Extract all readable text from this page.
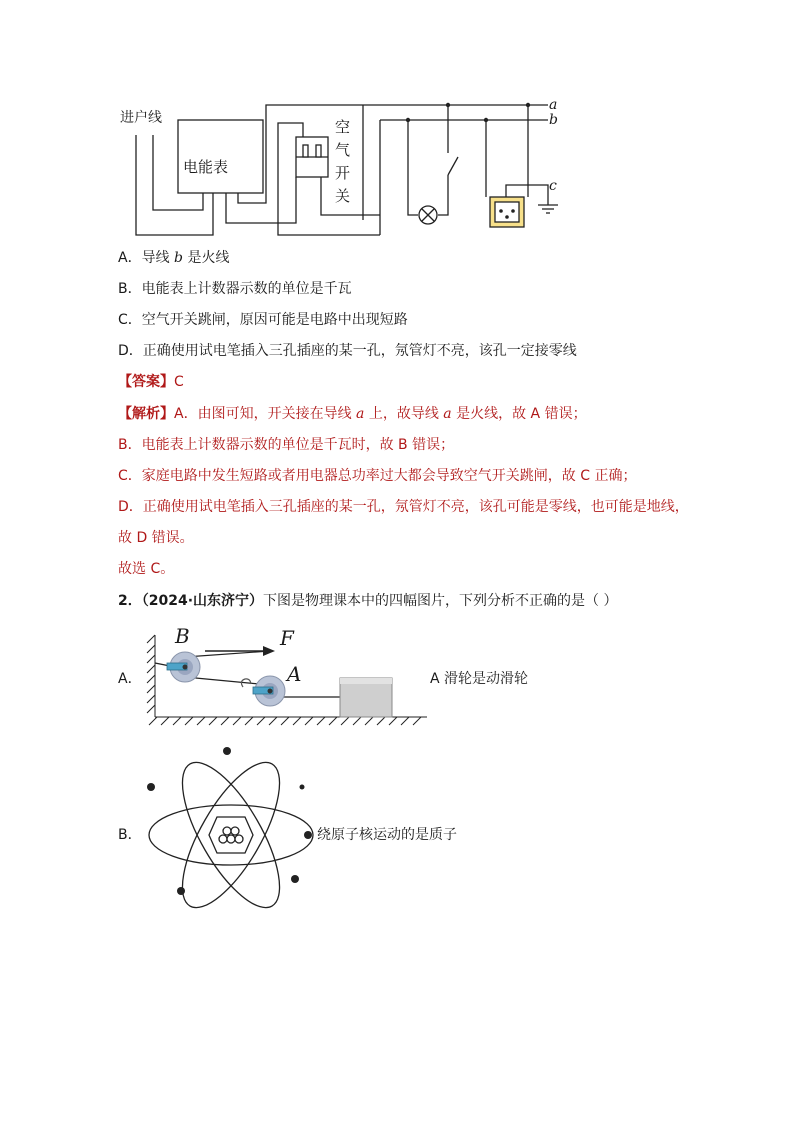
进户线
电能表
空
气
开
关
a
b
c
A．导线 b 是火线
B．电能表上计数器示数的单位是千瓦
C．空气开关跳闸，原因可能是电路中出现短路
D．正确使用试电笔插入三孔插座的某一孔，氖管灯不亮，该孔一定接零线
【答案】C
【解析】A．由图可知，开关接在导线 a 上，故导线 a 是火线，故 A 错误；
B．电能表上计数器示数的单位是千瓦时，故 B 错误；
C．家庭电路中发生短路或者用电器总功率过大都会导致空气开关跳闸，故 C 正确；
D．正确使用试电笔插入三孔插座的某一孔，氖管灯不亮，该孔可能是零线，也可能是地线，
故 D 错误。
故选 C。
2．（2024·山东济宁）下图是物理课本中的四幅图片，下列分析不正确的是（ ）
A．
B	F
A	A 滑轮是动滑轮
B．	绕原子核运动的是质子
